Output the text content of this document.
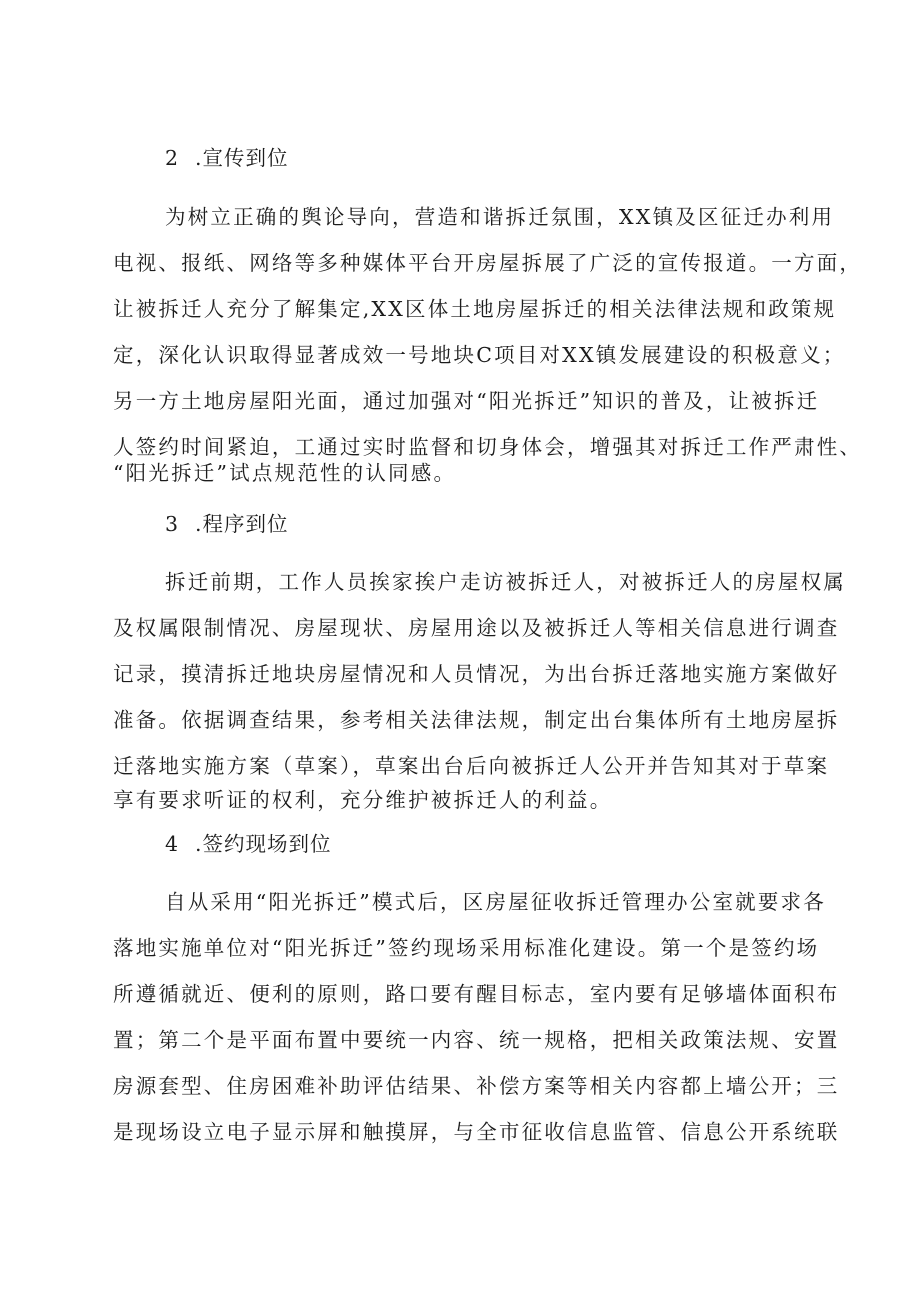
2 .宣传到位
为树立正确的舆论导向，营造和谐拆迁氛围，XX镇及区征迁办利用
电视、报纸、网络等多种媒体平台开房屋拆展了广泛的宣传报道。一方面，
让被拆迁人充分了解集定,XX区体土地房屋拆迁的相关法律法规和政策规
定，深化认识取得显著成效一号地块C项目对XX镇发展建设的积极意义；
另一方土地房屋阳光面，通过加强对“阳光拆迁”知识的普及，让被拆迁
人签约时间紧迫，工通过实时监督和切身体会，增强其对拆迁工作严肃性、
“阳光拆迁”试点规范性的认同感。
3 .程序到位
拆迁前期，工作人员挨家挨户走访被拆迁人，对被拆迁人的房屋权属
及权属限制情况、房屋现状、房屋用途以及被拆迁人等相关信息进行调查
记录，摸清拆迁地块房屋情况和人员情况，为出台拆迁落地实施方案做好
准备。依据调查结果，参考相关法律法规，制定出台集体所有土地房屋拆
迁落地实施方案（草案），草案出台后向被拆迁人公开并告知其对于草案
享有要求听证的权利，充分维护被拆迁人的利益。
4 .签约现场到位
自从采用“阳光拆迁”模式后，区房屋征收拆迁管理办公室就要求各
落地实施单位对“阳光拆迁”签约现场采用标准化建设。第一个是签约场
所遵循就近、便利的原则，路口要有醒目标志，室内要有足够墙体面积布
置；第二个是平面布置中要统一内容、统一规格，把相关政策法规、安置
房源套型、住房困难补助评估结果、补偿方案等相关内容都上墙公开；三
是现场设立电子显示屏和触摸屏，与全市征收信息监管、信息公开系统联
